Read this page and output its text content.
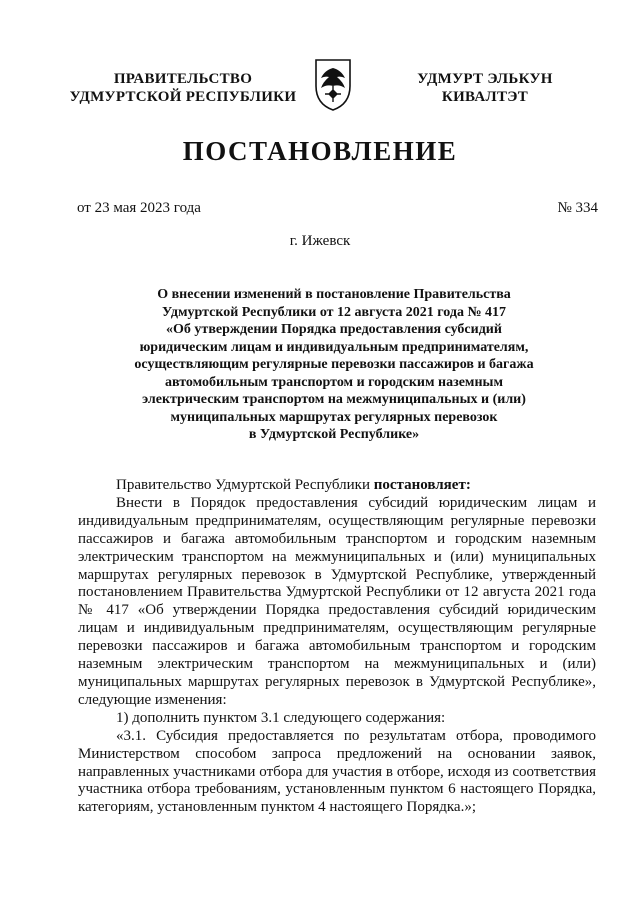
ПРАВИТЕЛЬСТВО
УДМУРТСКОЙ РЕСПУБЛИКИ
УДМУРТ ЭЛЬКУН
КИВАЛТЭТ
ПОСТАНОВЛЕНИЕ
от 23 мая 2023 года	№ 334
г. Ижевск
О внесении изменений в постановление Правительства
Удмуртской Республики от 12 августа 2021 года № 417
«Об утверждении Порядка предоставления субсидий
юридическим лицам и индивидуальным предпринимателям,
осуществляющим регулярные перевозки пассажиров и багажа
автомобильным транспортом и городским наземным
электрическим транспортом на межмуниципальных и (или)
муниципальных маршрутах регулярных перевозок
в Удмуртской Республике»

Правительство Удмуртской Республики постановляет:

Внести в Порядок предоставления субсидий юридическим лицам и индивидуальным предпринимателям, осуществляющим регулярные перевозки пассажиров и багажа автомобильным транспортом и городским наземным электрическим транспортом на межмуниципальных и (или) муниципальных маршрутах регулярных перевозок в Удмуртской Республике, утвержденный постановлением Правительства Удмуртской Республики от 12 августа 2021 года № 417 «Об утверждении Порядка предоставления субсидий юридическим лицам и индивидуальным предпринимателям, осуществляющим регулярные перевозки пассажиров и багажа автомобильным транспортом и городским наземным электрическим транспортом на межмуниципальных и (или) муниципальных маршрутах регулярных перевозок в Удмуртской Республике», следующие изменения:

1) дополнить пунктом 3.1 следующего содержания:

«3.1. Субсидия предоставляется по результатам отбора, проводимого Министерством способом запроса предложений на основании заявок, направленных участниками отбора для участия в отборе, исходя из соответствия участника отбора требованиям, установленным пунктом 6 настоящего Порядка, категориям, установленным пунктом 4 настоящего Порядка.»;
